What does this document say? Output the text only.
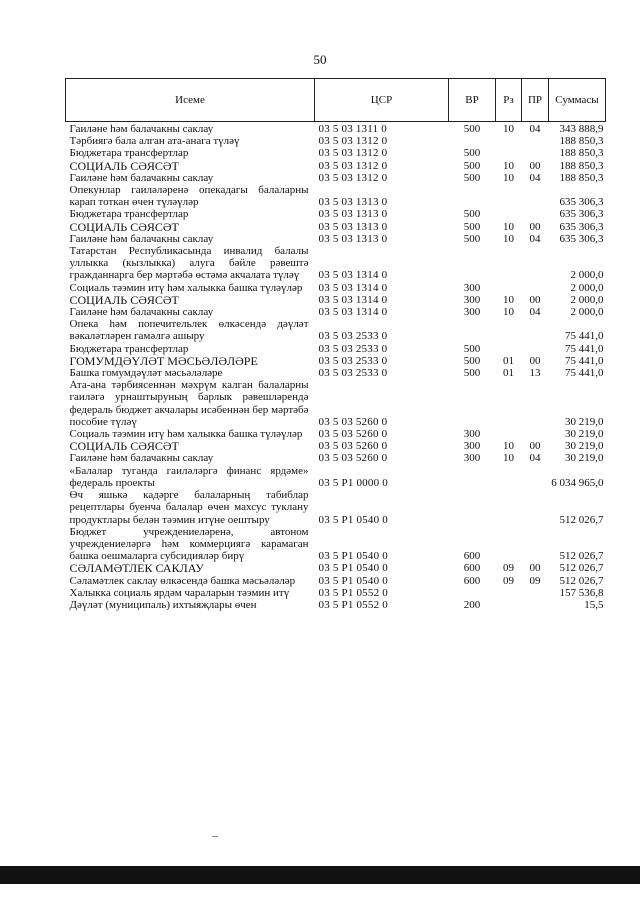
50
Исеме	ЦСР	ВР	Рз	ПР	Суммасы
Гаиләне һәм балачакны саклау	03 5 03 1311 0	500	10	04	343 888,9
Тәрбиягә бала алган ата-анага түләү	03 5 03 1312 0				188 850,3
Бюджетара трансфертлар	03 5 03 1312 0	500			188 850,3
СОЦИАЛЬ СӘЯСӘТ	03 5 03 1312 0	500	10	00	188 850,3
Гаиләне һәм балачакны саклау	03 5 03 1312 0	500	10	04	188 850,3
Опекунлар гаиләләренә опекадагы балаларны карап тоткан өчен түләүләр	03 5 03 1313 0				635 306,3
Бюджетара трансфертлар	03 5 03 1313 0	500			635 306,3
СОЦИАЛЬ СӘЯСӘТ	03 5 03 1313 0	500	10	00	635 306,3
Гаиләне һәм балачакны саклау	03 5 03 1313 0	500	10	04	635 306,3
Татарстан Республикасында инвалид балалы уллыкка (кызлыкка) алуга бәйле рәвештә гражданнарга бер мәртәбә өстәмә акчалата түләү	03 5 03 1314 0				2 000,0
Социаль тәэмин итү һәм халыкка башка түләүләр	03 5 03 1314 0	300			2 000,0
СОЦИАЛЬ СӘЯСӘТ	03 5 03 1314 0	300	10	00	2 000,0
Гаиләне һәм балачакны саклау	03 5 03 1314 0	300	10	04	2 000,0
Опека һәм попечительлек өлкәсендә дәүләт вәкаләтләрен гамәлгә ашыру	03 5 03 2533 0				75 441,0
Бюджетара трансфертлар	03 5 03 2533 0	500			75 441,0
ГОМУМДӘҮЛӘТ МӘСЬӘЛӘЛӘРЕ	03 5 03 2533 0	500	01	00	75 441,0
Башка гомумдәүләт мәсьәләләре	03 5 03 2533 0	500	01	13	75 441,0
Ата-ана тәрбиясеннән мәхрүм калган балаларны гаиләгә урнаштыруның барлык рәвешләрендә федераль бюджет акчалары исәбеннән бер мәртәбә пособие түләү	03 5 03 5260 0				30 219,0
Социаль тәэмин итү һәм халыкка башка түләүләр	03 5 03 5260 0	300			30 219,0
СОЦИАЛЬ СӘЯСӘТ	03 5 03 5260 0	300	10	00	30 219,0
Гаиләне һәм балачакны саклау	03 5 03 5260 0	300	10	04	30 219,0
«Балалар туганда гаиләләргә финанс ярдәме» федераль проекты	03 5 P1 0000 0				6 034 965,0
Өч яшькә кадәрге балаларның табиблар рецептлары буенча балалар өчен махсус туклану продуктлары белән тәэмин итүне оештыру	03 5 P1 0540 0				512 026,7
Бюджет учреждениеләренә, автоном учреждениеләргә һәм коммерциягә карамаган башка оешмаларга субсидияләр бирү	03 5 P1 0540 0	600			512 026,7
СӘЛАМӘТЛЕК САКЛАУ	03 5 P1 0540 0	600	09	00	512 026,7
Сәламәтлек саклау өлкәсендә башка мәсьәләләр	03 5 P1 0540 0	600	09	09	512 026,7
Халыкка социаль ярдәм чараларын тәэмин итү	03 5 P1 0552 0				157 536,8
Дәүләт (муниципаль) ихтыяҗлары өчен	03 5 P1 0552 0	200			15,5
